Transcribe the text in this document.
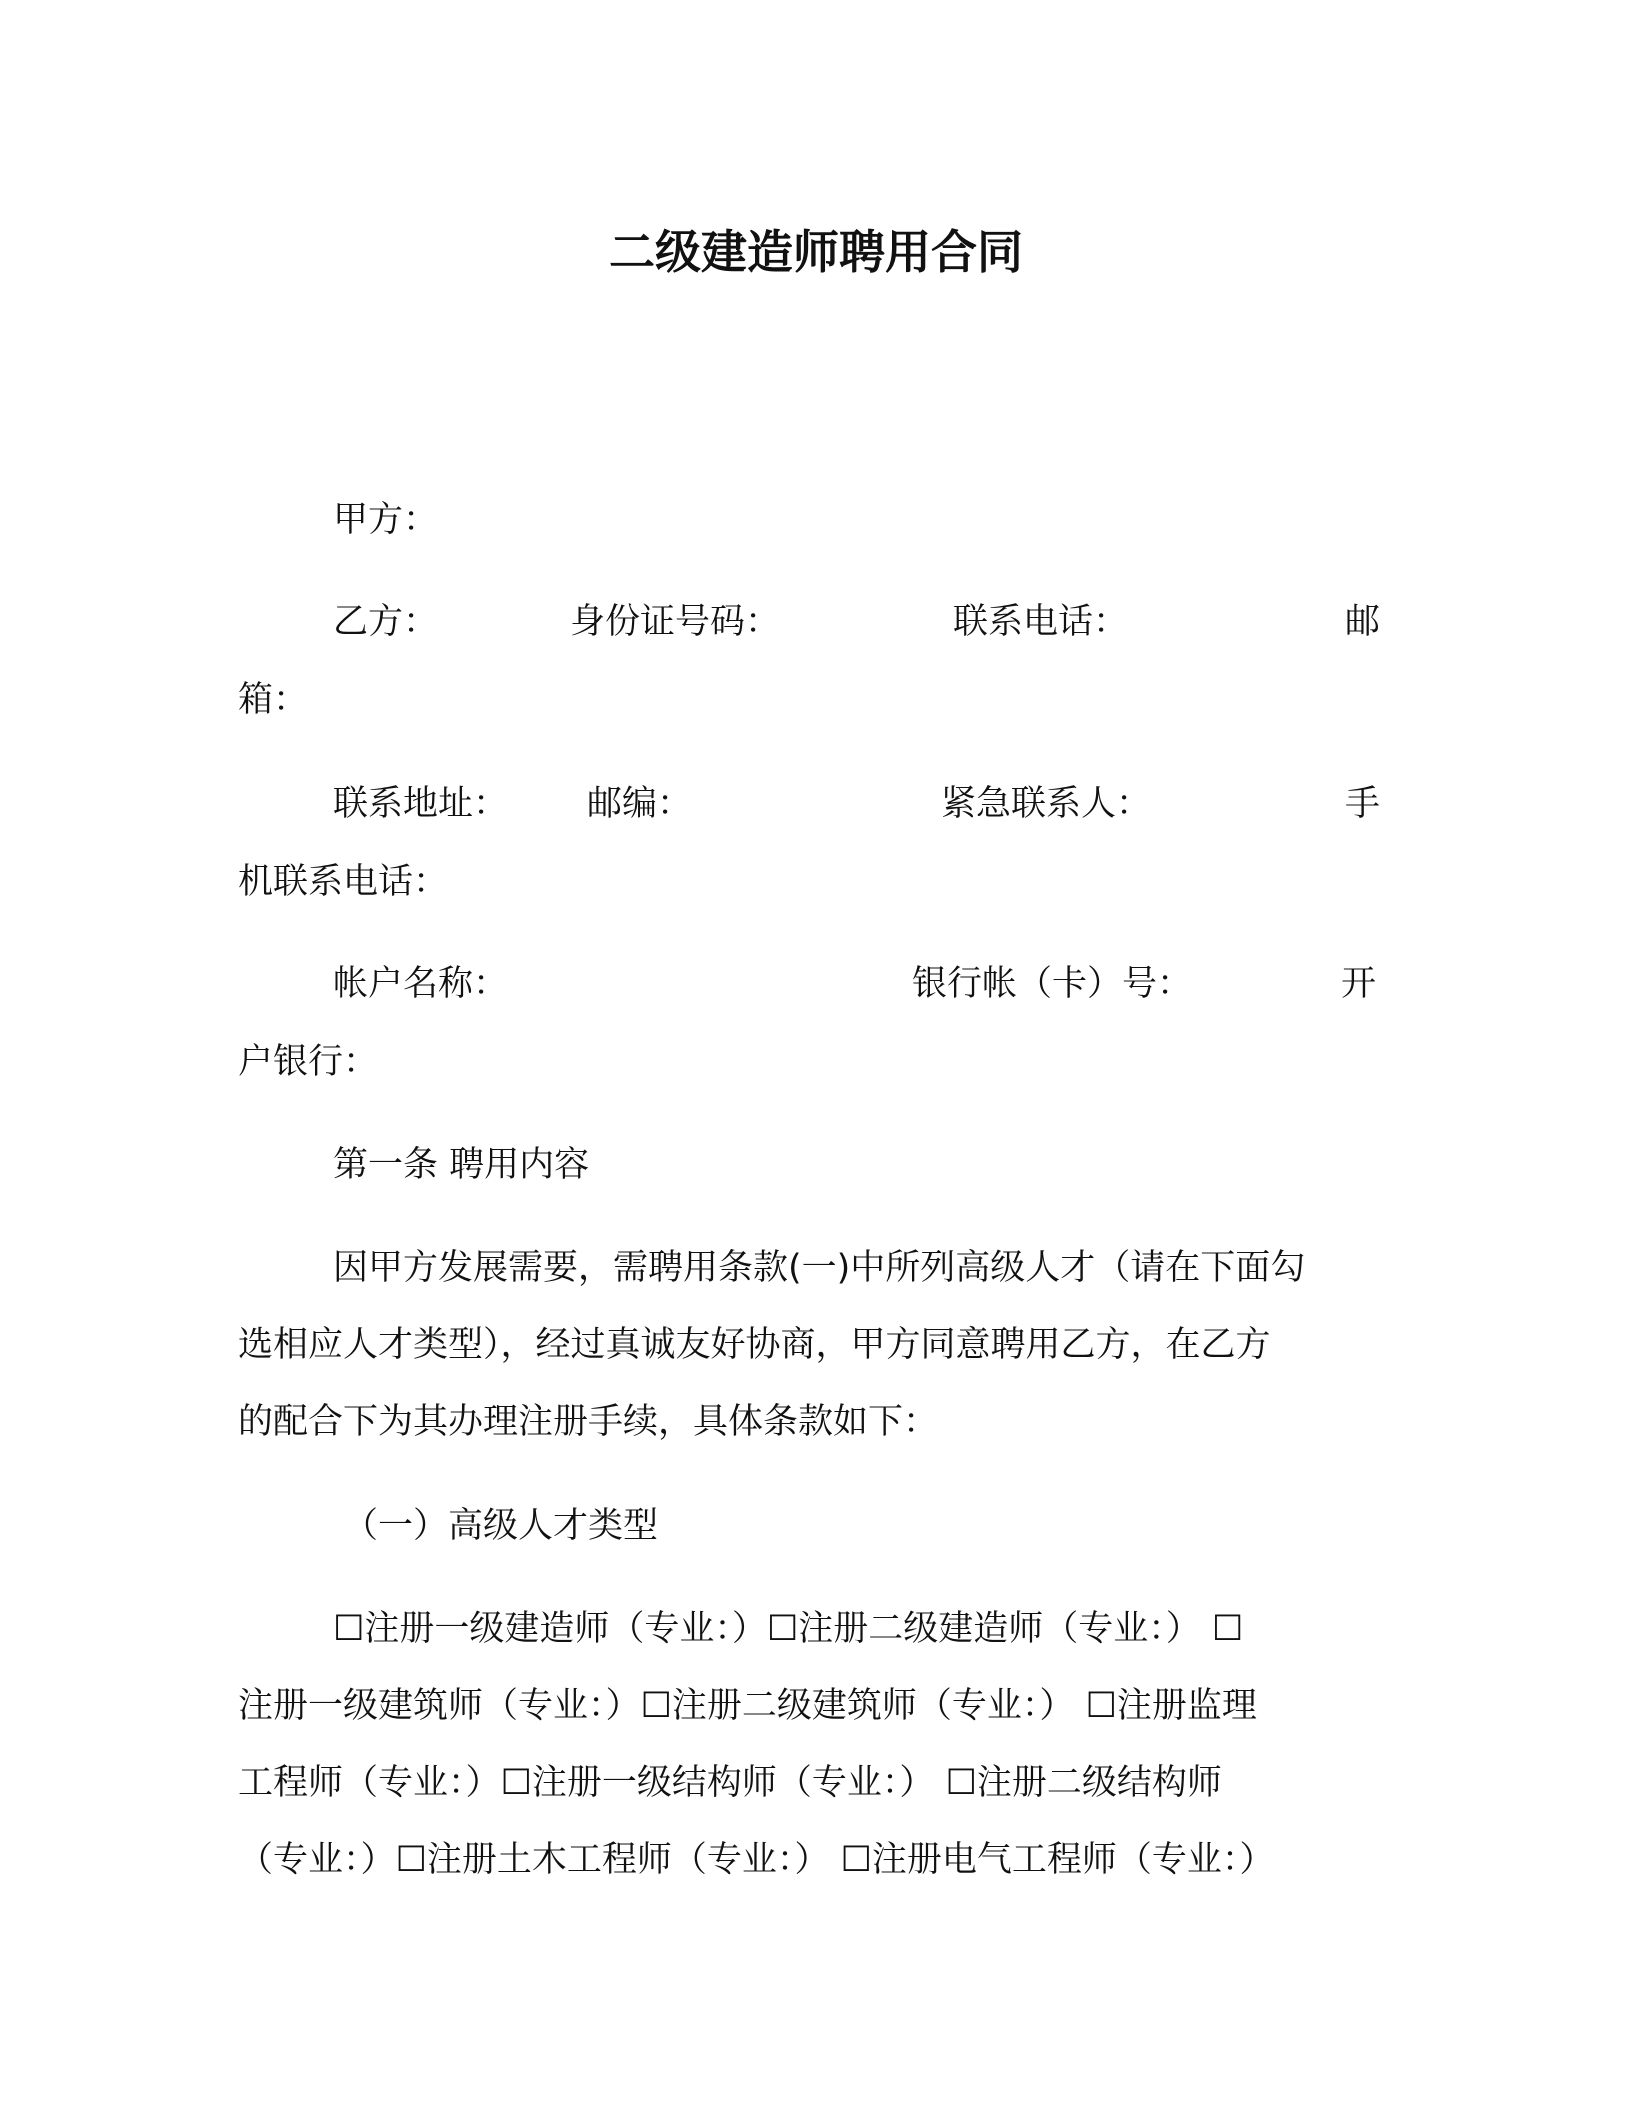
二级建造师聘用合同
甲方：
乙方：	身份证号码：	联系电话：	邮
箱：
联系地址： 邮编：	紧急联系人：	手
机联系电话：
帐户名称：	银行帐（卡）号：	开
户银行：
第一条 聘用内容
因甲方发展需要，需聘用条款(一)中所列高级人才（请在下面勾
选相应人才类型），经过真诚友好协商，甲方同意聘用乙方，在乙方
的配合下为其办理注册手续，具体条款如下：
（一）高级人才类型
☐注册一级建造师（专业：）☐注册二级建造师（专业：） ☐
注册一级建筑师（专业：）☐注册二级建筑师（专业：） ☐注册监理
工程师（专业：）☐注册一级结构师（专业：） ☐注册二级结构师
（专业：）☐注册土木工程师（专业：） ☐注册电气工程师（专业：）
